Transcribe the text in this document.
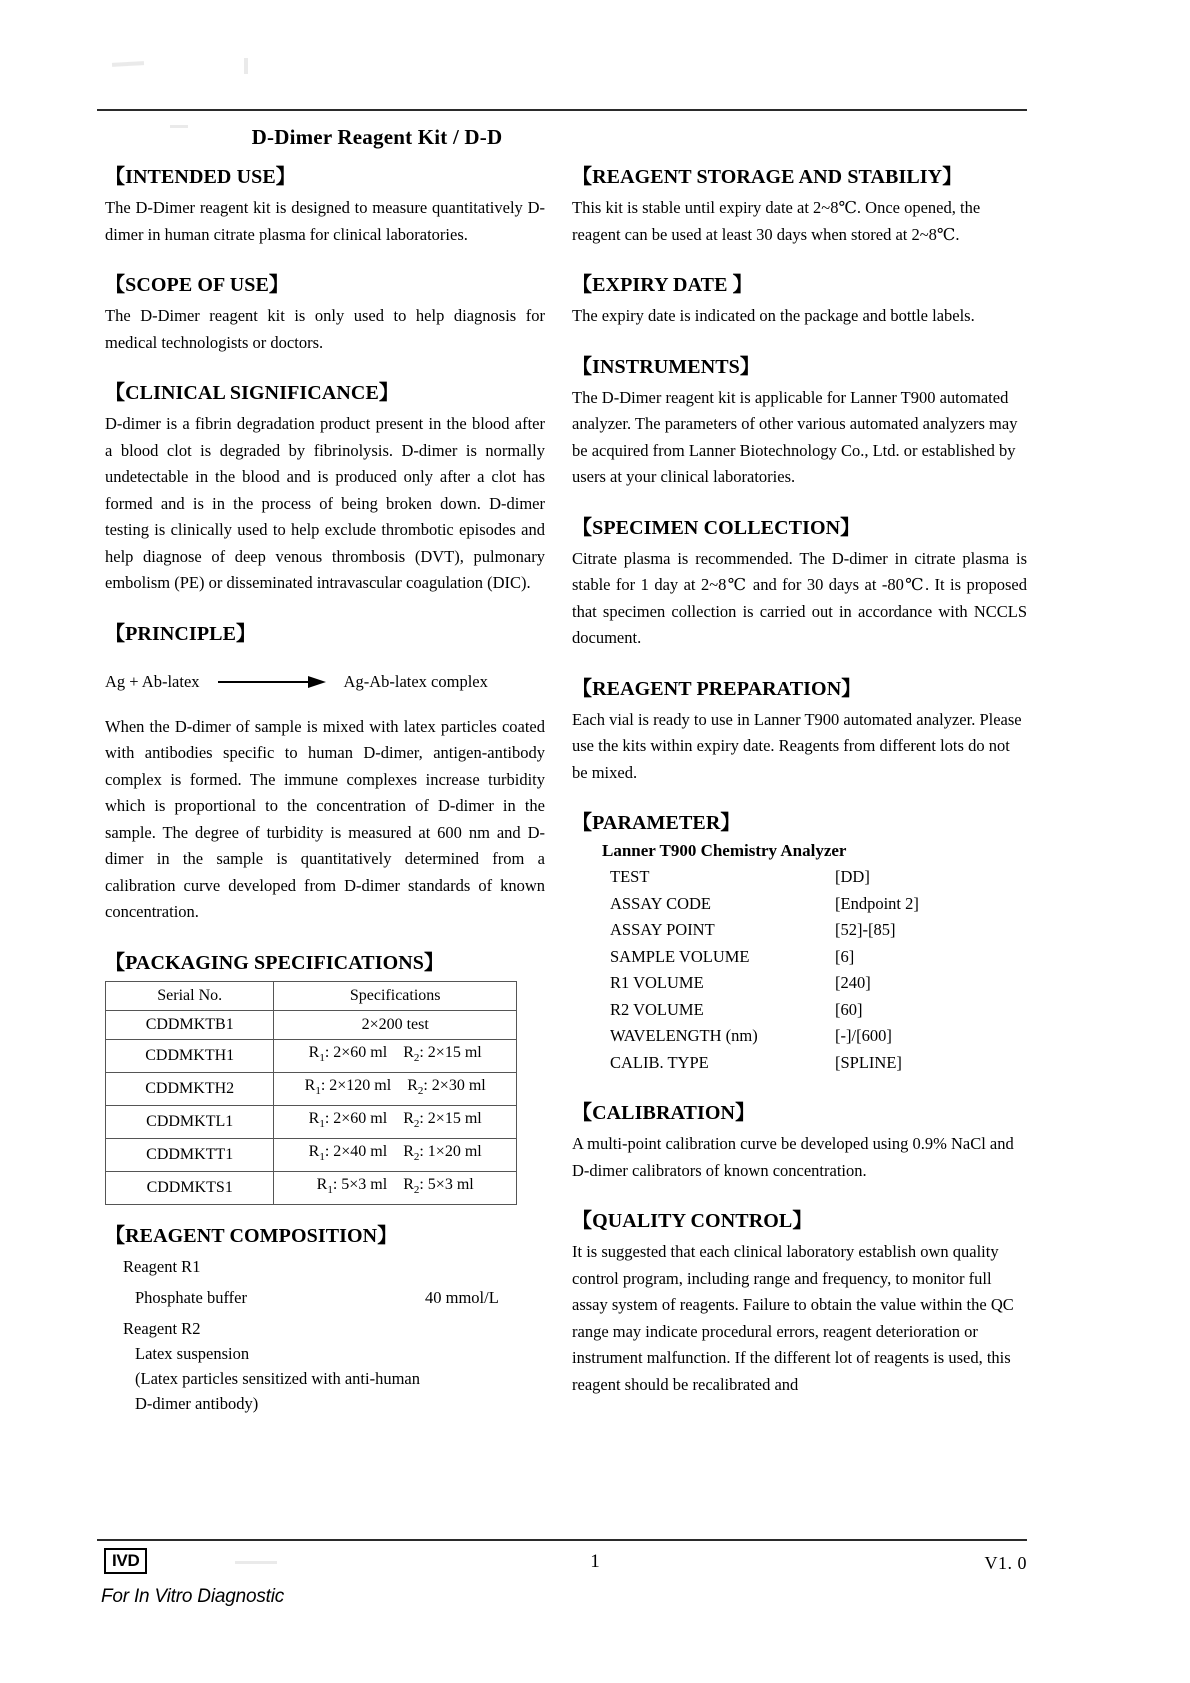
D-Dimer Reagent Kit / D-D
【INTENDED USE】

The D-Dimer reagent kit is designed to measure quantitatively D-dimer in human citrate plasma for clinical laboratories.

【SCOPE OF USE】

The D-Dimer reagent kit is only used to help diagnosis for medical technologists or doctors.

【CLINICAL SIGNIFICANCE】

D-dimer is a fibrin degradation product present in the blood after a blood clot is degraded by fibrinolysis. D-dimer is normally undetectable in the blood and is produced only after a clot has formed and is in the process of being broken down. D-dimer testing is clinically used to help exclude thrombotic episodes and help diagnose of deep venous thrombosis (DVT), pulmonary embolism (PE) or disseminated intravascular coagulation (DIC).

【PRINCIPLE】
Ag + Ab-latex	Ag-Ab-latex complex

When the D-dimer of sample is mixed with latex particles coated with antibodies specific to human D-dimer, antigen-antibody complex is formed. The immune complexes increase turbidity which is proportional to the concentration of D-dimer in the sample. The degree of turbidity is measured at 600 nm and D-dimer in the sample is quantitatively determined from a calibration curve developed from D-dimer standards of known concentration.

【PACKAGING SPECIFICATIONS】
Serial No.	Specifications
CDDMKTB1	2×200 test
CDDMKTH1	$R_1$: 2×60 ml $R_2$: 2×15 ml
CDDMKTH2	$R_1$: 2×120 ml $R_2$: 2×30 ml
CDDMKTL1	$R_1$: 2×60 ml $R_2$: 2×15 ml
CDDMKTT1	$R_1$: 2×40 ml $R_2$: 1×20 ml
CDDMKTS1	$R_1$: 5×3 ml $R_2$: 5×3 ml
【REAGENT COMPOSITION】
Reagent R1
Phosphate buffer	40 mmol/L
Reagent R2
Latex suspension
(Latex particles sensitized with anti-human
D-dimer antibody)
【REAGENT STORAGE AND STABILIY】

This kit is stable until expiry date at 2~8℃. Once opened, the reagent can be used at least 30 days when stored at 2~8℃.

【EXPIRY DATE 】

The expiry date is indicated on the package and bottle labels.

【INSTRUMENTS】

The D-Dimer reagent kit is applicable for Lanner T900 automated analyzer. The parameters of other various automated analyzers may be acquired from Lanner Biotechnology Co., Ltd. or established by users at your clinical laboratories.

【SPECIMEN COLLECTION】

Citrate plasma is recommended. The D-dimer in citrate plasma is stable for 1 day at 2~8℃ and for 30 days at -80℃. It is proposed that specimen collection is carried out in accordance with NCCLS document.

【REAGENT PREPARATION】

Each vial is ready to use in Lanner T900 automated analyzer. Please use the kits within expiry date. Reagents from different lots do not be mixed.

【PARAMETER】
Lanner T900 Chemistry Analyzer
TEST	[DD]
ASSAY CODE	[Endpoint 2]
ASSAY POINT	[52]-[85]
SAMPLE VOLUME	[6]
R1 VOLUME	[240]
R2 VOLUME	[60]
WAVELENGTH (nm)	[-]/[600]
CALIB. TYPE	[SPLINE]
【CALIBRATION】

A multi-point calibration curve be developed using 0.9% NaCl and D-dimer calibrators of known concentration.

【QUALITY CONTROL】

It is suggested that each clinical laboratory establish own quality control program, including range and frequency, to monitor full assay system of reagents. Failure to obtain the value within the QC range may indicate procedural errors, reagent deterioration or instrument malfunction. If the different lot of reagents is used, this reagent should be recalibrated and

IVD
For In Vitro Diagnostic
1	V1. 0
